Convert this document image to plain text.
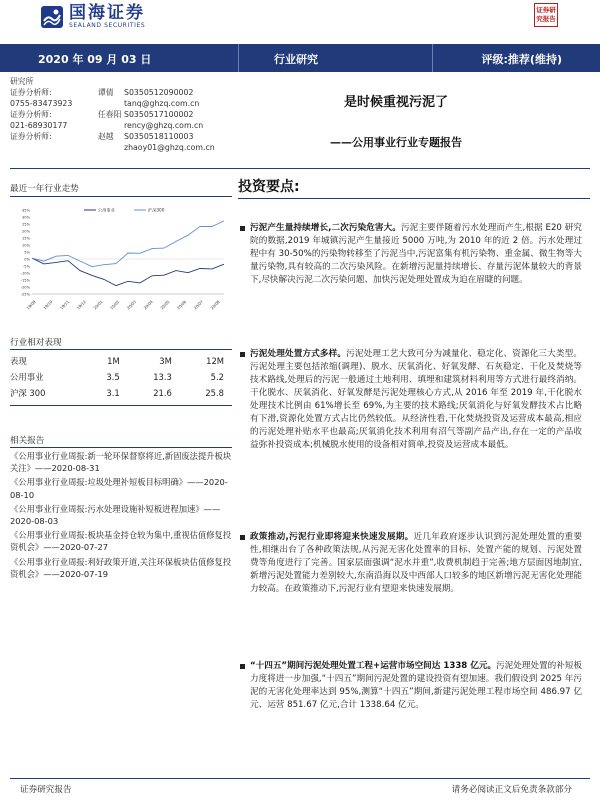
国海证券
SEALAND SECURITIES
证券研究报告
2020 年 09 月 03 日	行业研究	评级:推荐(维持)
研究所
证券分析师:	谭倩	S0350512090002
0755-83473923	tanq@ghzq.com.cn
证券分析师:	任春阳 S0350517100002
021-68930177	rency@ghzq.com.cn
证券分析师:	赵越	S0350518110003
zhaoy01@ghzq.com.cn
是时候重视污泥了
——公用事业行业专题报告
最近一年行业走势
35%
30%
25%
20%
15%
10%
5%
0%
-5%
-10%
-15%
-20%
-25%
19/09 19/10 19/11 19/12 20/01 20/02 20/03 20/04 20/05 20/06 20/07 20/08
公用事业	沪深300
行业相对表现
表现	1M	3M	12M
公用事业	3.5	13.3	5.2
沪深 300	3.1	21.6	25.8
相关报告
《公用事业行业周报:新一轮环保督察将近,新固废法提升板块关注》——2020-08-31
《公用事业行业周报:垃圾处理补短板目标明确》——2020-08-10
《公用事业行业周报:污水处理设施补短板进程加速》——2020-08-03
《公用事业行业周报:板块基金持仓较为集中,重视估值修复投资机会》——2020-07-27
《公用事业行业周报:利好政策开道,关注环保板块估值修复投资机会》——2020-07-19
投资要点:
污泥产生量持续增长,二次污染危害大。污泥主要伴随着污水处理而产生,根据 E20 研究院的数据,2019 年城镇污泥产生量接近 5000 万吨,为 2010 年的近 2 倍。污水处理过程中有 30-50%的污染物转移至了污泥当中,污泥富集有机污染物、重金属、微生物等大量污染物,具有较高的二次污染风险。在新增污泥量持续增长、存量污泥体量较大的背景下,尽快解决污泥二次污染问题、加快污泥处理处置成为迫在眉睫的问题。
污泥处理处置方式多样。污泥处理工艺大致可分为减量化、稳定化、资源化三大类型。污泥处理主要包括浓缩(调理)、脱水、厌氧消化、好氧发酵、石灰稳定、干化及焚烧等技术路线,处理后的污泥一般通过土地利用、填埋和建筑材料利用等方式进行最终消纳。干化脱水、厌氧消化、好氧发酵是污泥处理核心方式,从 2016 年至 2019 年,干化脱水处理技术比例由 61%增长至 69%,为主要的技术路线;厌氧消化与好氧发酵技术占比略有下滑,资源化处置方式占比仍然较低。从经济性看,干化焚烧投资及运营成本最高,相应的污泥处理补贴水平也最高;厌氧消化技术利用有沼气等副产品产出,存在一定的产品收益弥补投资成本;机械脱水使用的设备相对简单,投资及运营成本最低。
政策推动,污泥行业即将迎来快速发展期。近几年政府逐步认识到污泥处理处置的重要性,相继出台了各种政策法规,从污泥无害化处置率的目标、处置产能的规划、污泥处置费等角度进行了完善。国家层面强调“泥水并重”,收费机制趋于完善;地方层面因地制宜,新增污泥处置能力差别较大,东南沿海以及中西部人口较多的地区新增污泥无害化处理能力较高。在政策推动下,污泥行业有望迎来快速发展期。
“十四五”期间污泥处理处置工程+运营市场空间达 1338 亿元。污泥处理处置的补短板力度将进一步加强,“十四五”期间污泥处置的建设投资有望加速。我们假设到 2025 年污泥的无害化处理率达到 95%,测算“十四五”期间,新建污泥处理工程市场空间 486.97 亿元、运营 851.67 亿元,合计 1338.64 亿元。
证券研究报告	请务必阅读正文后免责条款部分
